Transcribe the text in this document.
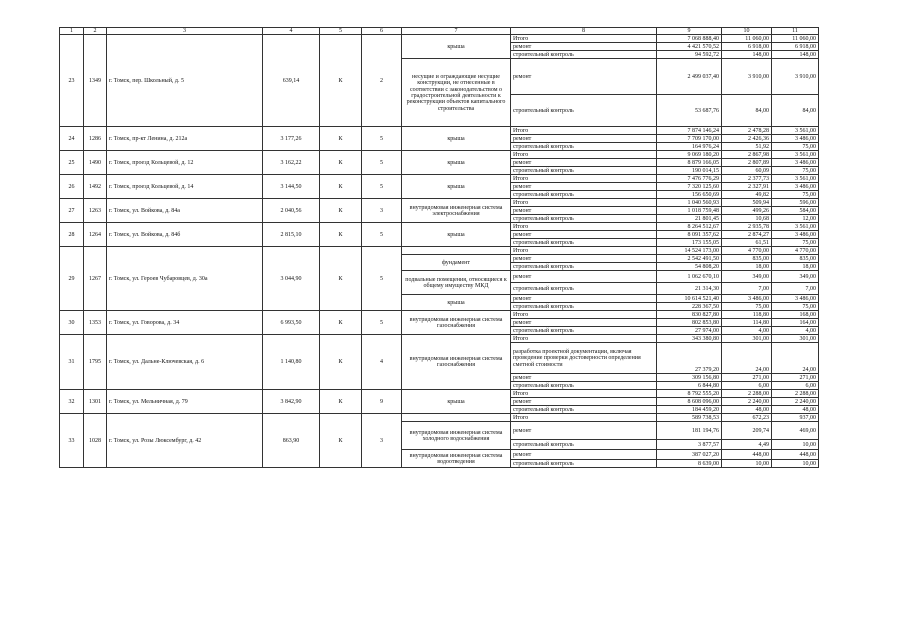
1	2	3	4	5	6	7	8	9	10	11
23	1349	г. Томск, пер. Школьный, д. 5	639,14	К	2	крыша	Итого	7 068 888,40	11 060,00	11 060,00
							ремонт	4 421 570,52	6 918,00	6 918,00
							строительный контроль	94 592,72	148,00	148,00
						несущие и ограждающие несущие конструкции, не отнесенные в соответствии с законодательством о градостроительной деятельности к реконструкции объектов капитального строительства	ремонт	2 499 037,40	3 910,00	3 910,00
							строительный контроль	53 687,76	84,00	84,00
24	1286	г. Томск, пр-кт Ленина, д. 212а	3 177,26	К	5	крыша	Итого	7 874 146,24	2 478,28	3 561,00
							ремонт	7 709 170,00	2 426,36	3 486,00
							строительный контроль	164 976,24	51,92	75,00
25	1490	г. Томск, проезд Кольцевой, д. 12	3 162,22	К	5	крыша	Итого	9 069 180,20	2 867,98	3 561,00
							ремонт	8 879 166,05	2 807,89	3 486,00
							строительный контроль	190 014,15	60,09	75,00
26	1492	г. Томск, проезд Кольцевой, д. 14	3 144,50	К	5	крыша	Итого	7 476 776,29	2 377,73	3 561,00
							ремонт	7 320 125,60	2 327,91	3 486,00
							строительный контроль	156 650,69	49,82	75,00
27	1263	г. Томск, ул. Войкова, д. 84а	2 040,56	К	3	внутридомовая инженерная система электроснабжения	Итого	1 040 560,93	509,94	596,00
							ремонт	1 018 759,48	499,26	584,00
							строительный контроль	21 801,45	10,68	12,00
28	1264	г. Томск, ул. Войкова, д. 84б	2 815,10	К	5	крыша	Итого	8 264 512,67	2 935,78	3 561,00
							ремонт	8 091 357,62	2 874,27	3 486,00
							строительный контроль	173 155,05	61,51	75,00
29	1267	г. Томск, ул. Героев Чубаровцев, д. 30а	3 044,90	К	5		Итого	14 524 173,00	4 770,00	4 770,00
						фундамент	ремонт	2 542 491,50	835,00	835,00
							строительный контроль	54 808,20	18,00	18,00
						подвальные помещения, относящиеся к общему имуществу МКД	ремонт	1 062 670,10	349,00	349,00
							строительный контроль	21 314,30	7,00	7,00
						крыша	ремонт	10 614 521,40	3 486,00	3 486,00
							строительный контроль	228 367,50	75,00	75,00

30	1353	г. Томск, ул. Говорова, д. 34	6 993,50	К	5	внутридомовая инженерная система газоснабжения	Итого	830 827,80	118,80	168,00
							ремонт	802 853,80	114,80	164,00
							строительный контроль	27 974,00	4,00	4,00
31	1795	г. Томск, ул. Дальне-Ключевская, д. 6	1 140,80	К	4	внутридомовая инженерная система газоснабжения	Итого	343 380,80	301,00	301,00
							разработка проектной документации, включая проведение проверки достоверности определения сметной стоимости	27 379,20	24,00	24,00
							ремонт	309 156,80	271,00	271,00
							строительный контроль	6 844,80	6,00	6,00
32	1301	г. Томск, ул. Мельничная, д. 79	3 842,90	К	9	крыша	Итого	8 792 555,20	2 288,00	2 288,00
							ремонт	8 608 096,00	2 240,00	2 240,00
							строительный контроль	184 459,20	48,00	48,00
33	1028	г. Томск, ул. Розы Люксембург, д. 42	863,90	К	3		Итого	589 738,53	672,23	937,00
						внутридомовая инженерная система холодного водоснабжения	ремонт	181 194,76	209,74	469,00
							строительный контроль	3 877,57	4,49	10,00
						внутридомовая инженерная система водоотведения	ремонт	387 027,20	448,00	448,00
							строительный контроль	8 639,00	10,00	10,00
